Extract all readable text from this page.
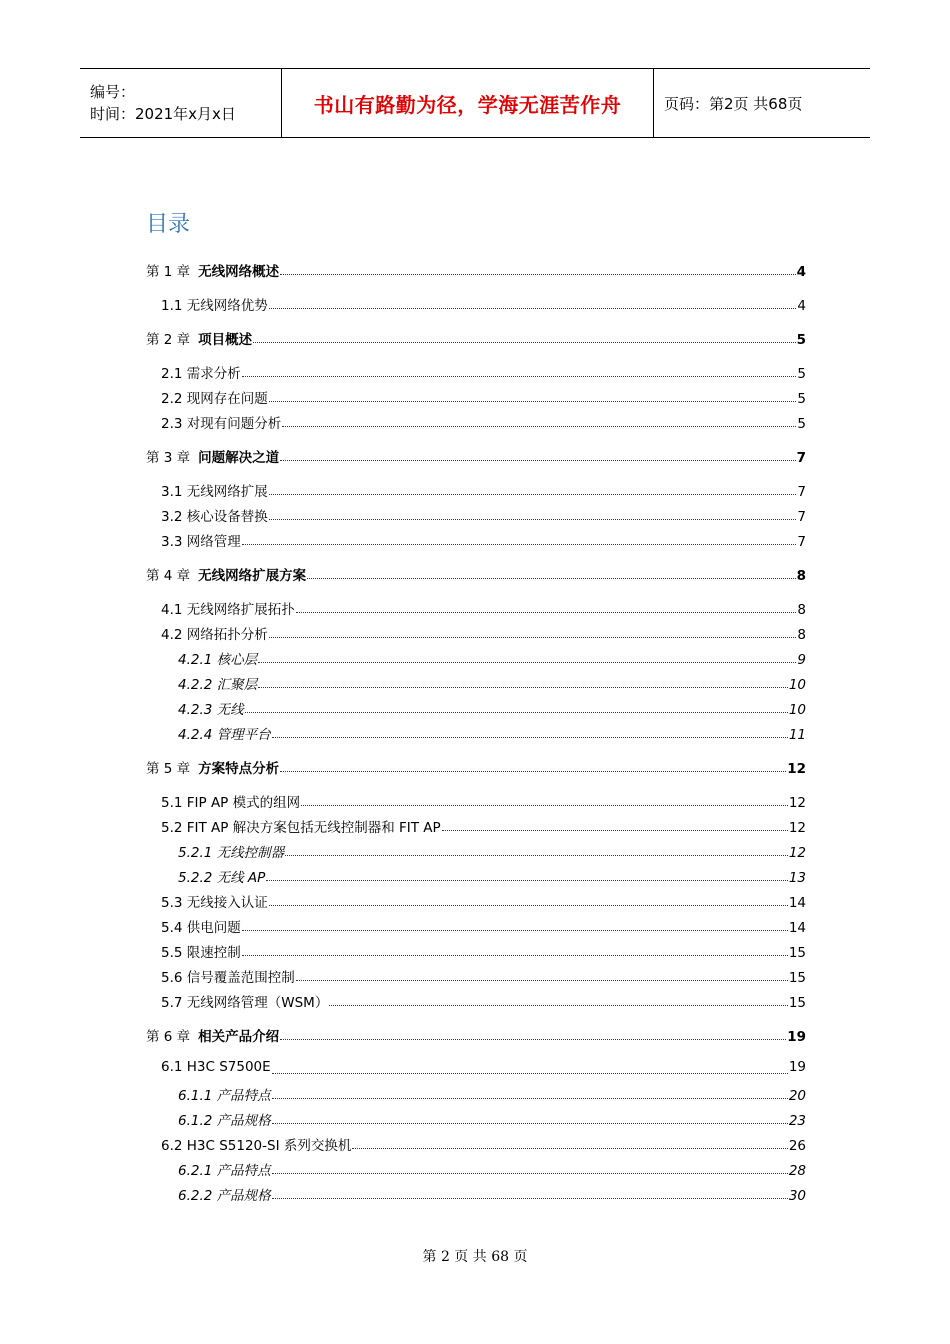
编号：
时间：2021年x月x日	书山有路勤为径，学海无涯苦作舟	页码：第2页 共68页
目录
第 1 章 无线网络概述	4
1.1 无线网络优势	4
第 2 章 项目概述	5
2.1 需求分析	5
2.2 现网存在问题	5
2.3 对现有问题分析	5
第 3 章 问题解决之道	7
3.1 无线网络扩展	7
3.2 核心设备替换	7
3.3 网络管理	7
第 4 章 无线网络扩展方案	8
4.1 无线网络扩展拓扑	8
4.2 网络拓扑分析	8
4.2.1 核心层	9
4.2.2 汇聚层	10
4.2.3 无线	10
4.2.4 管理平台	11
第 5 章 方案特点分析	12
5.1 FIP AP 模式的组网	12
5.2 FIT AP 解决方案包括无线控制器和 FIT AP	12
5.2.1 无线控制器	12
5.2.2 无线 AP	13
5.3 无线接入认证	14
5.4 供电问题	14
5.5 限速控制	15
5.6 信号覆盖范围控制	15
5.7 无线网络管理（WSM）	15
第 6 章 相关产品介绍	19
6.1 H3C S7500E	19
6.1.1 产品特点	20
6.1.2 产品规格	23
6.2 H3C S5120-SI 系列交换机	26
6.2.1 产品特点	28
6.2.2 产品规格	30
第 2 页 共 68 页
